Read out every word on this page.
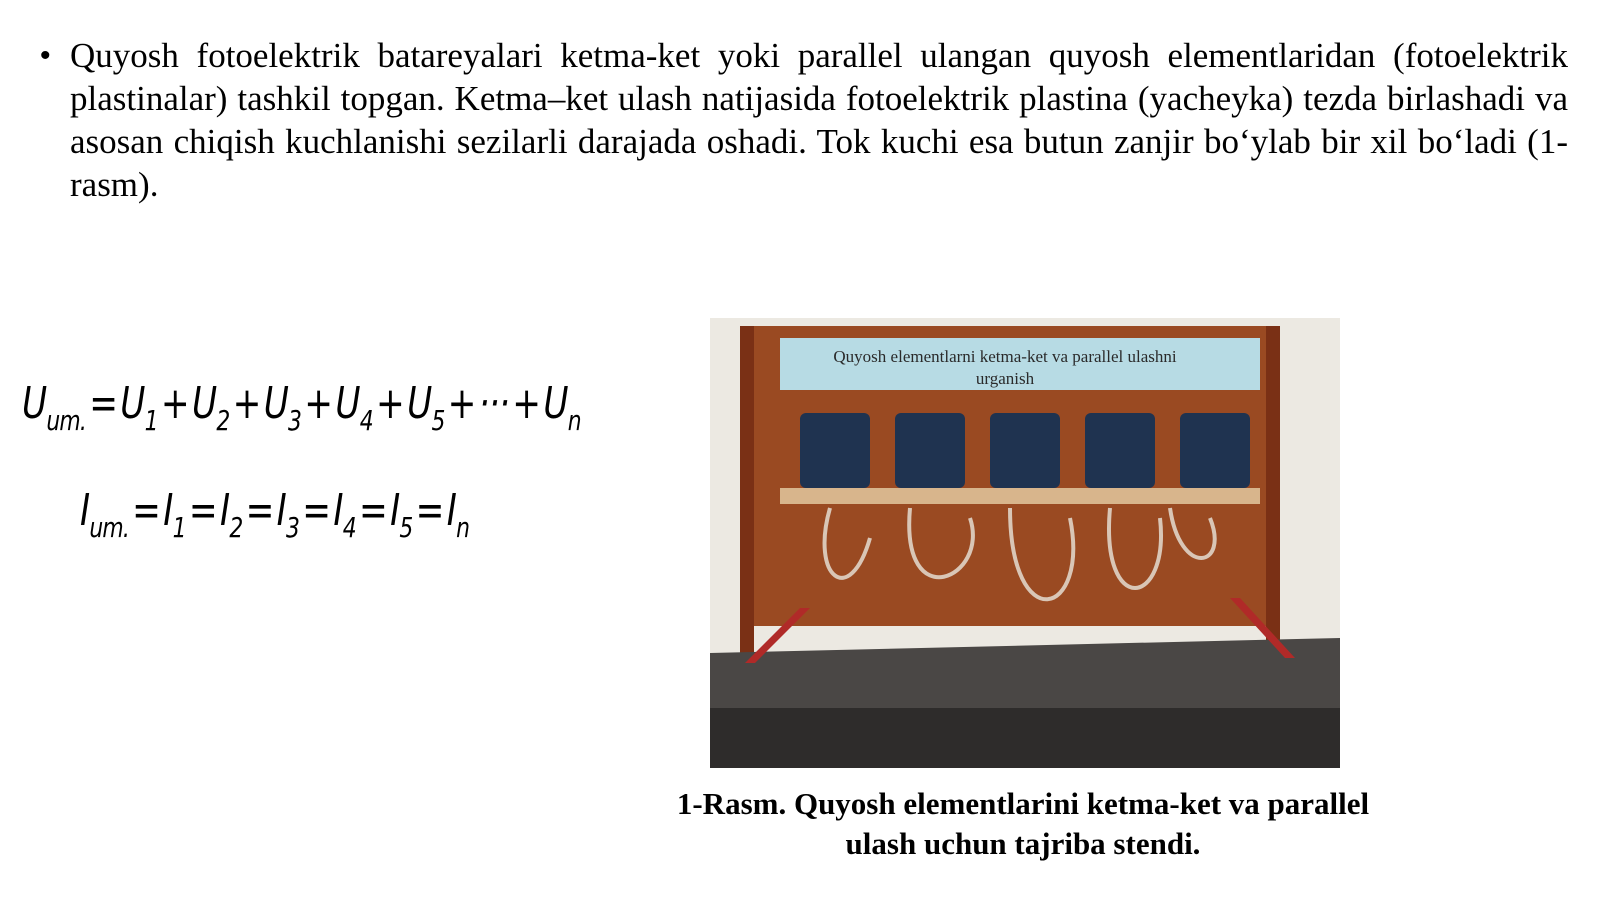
• Quyosh fotoelektrik batareyalari ketma-ket yoki parallel ulangan quyosh elementlaridan (fotoelektrik plastinalar) tashkil topgan. Ketma–ket ulash natijasida fotoelektrik plastina (yacheyka) tezda birlashadi va asosan chiqish kuchlanishi sezilarli darajada oshadi. Tok kuchi esa butun zanjir bo‘ylab bir xil bo‘ladi (1-rasm).
$U_{um.}=U_1+U_2+U_3+U_4+U_5+\cdot\cdot\cdot+U_n$
$I_{um.}=I_1=I_2=I_3=I_4=I_5=I_n$
Quyosh elementlarni ketma-ket va parallel ulashni urganish
1-Rasm. Quyosh elementlarini ketma-ket va parallel
ulash uchun tajriba stendi.
